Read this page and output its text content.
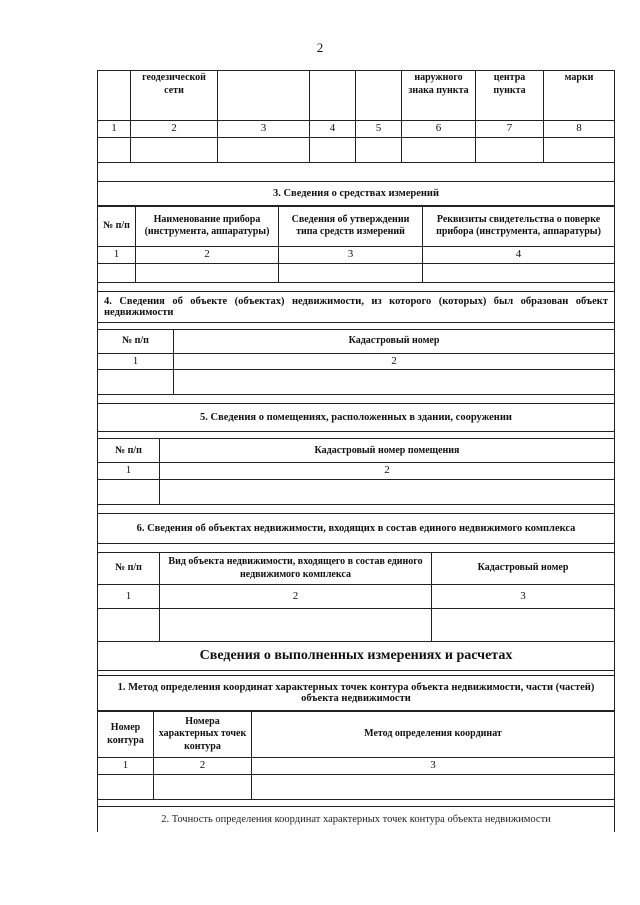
2
	геодезической сети				наружного знака пункта	центра пункта	марки
1	2	3	4	5	6	7	8

3. Сведения о средствах измерений
№ п/п	Наименование прибора (инструмента, аппаратуры)	Сведения об утверждении типа средств измерений	Реквизиты свидетельства о поверке прибора (инструмента, аппаратуры)
1	2	3	4

4. Сведения об объекте (объектах) недвижимости, из которого (которых) был образован объект недвижимости
№ п/п	Кадастровый номер
1	2

5. Сведения о помещениях, расположенных в здании, сооружении
№ п/п	Кадастровый номер помещения
1	2

6. Сведения об объектах недвижимости, входящих в состав единого недвижимого комплекса
№ п/п	Вид объекта недвижимости, входящего в состав единого недвижимого комплекса	Кадастровый номер
1	2	3

Сведения о выполненных измерениях и расчетах
1. Метод определения координат характерных точек контура объекта недвижимости, части (частей) объекта недвижимости
Номер контура	Номера характерных точек контура	Метод определения координат
1	2	3

2. Точность определения координат характерных точек контура объекта недвижимости
